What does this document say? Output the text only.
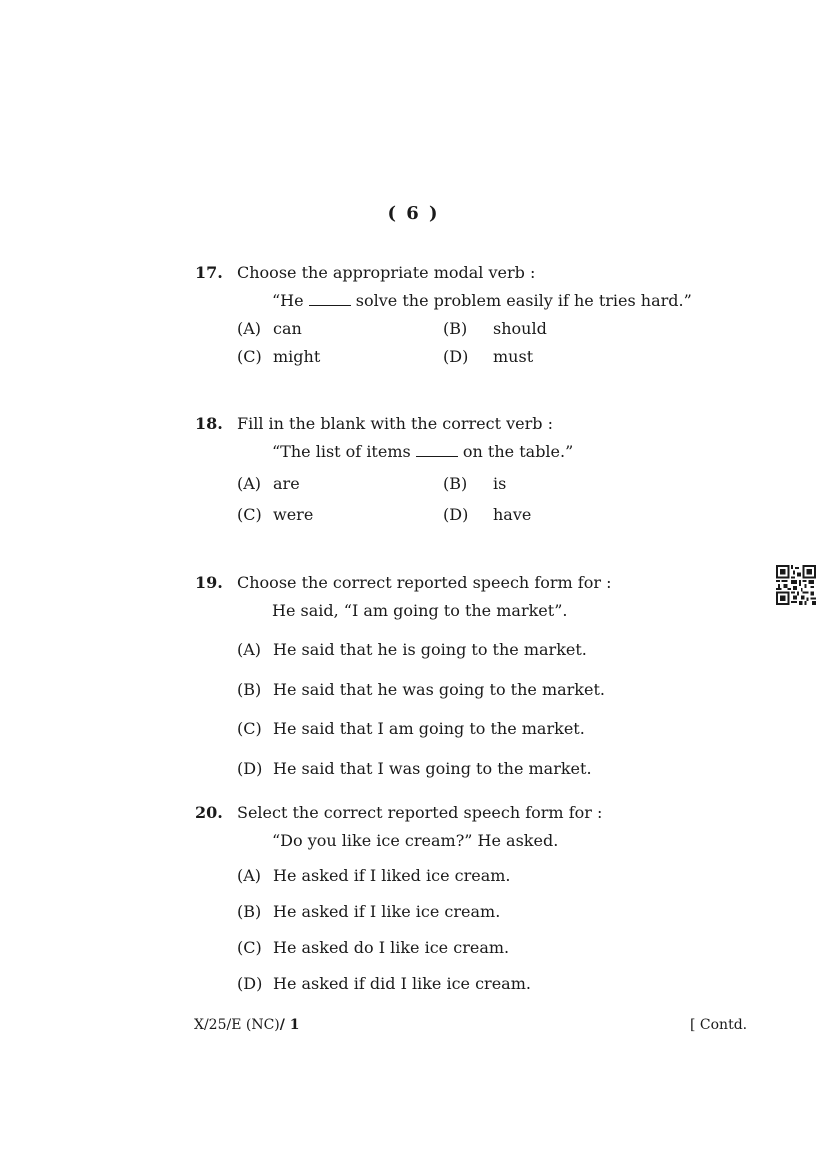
( 6 )
17. Choose the appropriate modal verb :
“He	solve the problem easily if he tries hard.”
(A) can	(B) should
(C) might	(D) must
18. Fill in the blank with the correct verb :
“The list of items	on the table.”
(A) are	(B) is
(C) were	(D) have
19. Choose the correct reported speech form for :
He said, “I am going to the market”.
(A) He said that he is going to the market.
(B) He said that he was going to the market.
(C) He said that I am going to the market.
(D) He said that I was going to the market.
20. Select the correct reported speech form for :
“Do you like ice cream?” He asked.
(A) He asked if I liked ice cream.
(B) He asked if I like ice cream.
(C) He asked do I like ice cream.
(D) He asked if did I like ice cream.
X/25/E (NC)/ 1	[ Contd.
